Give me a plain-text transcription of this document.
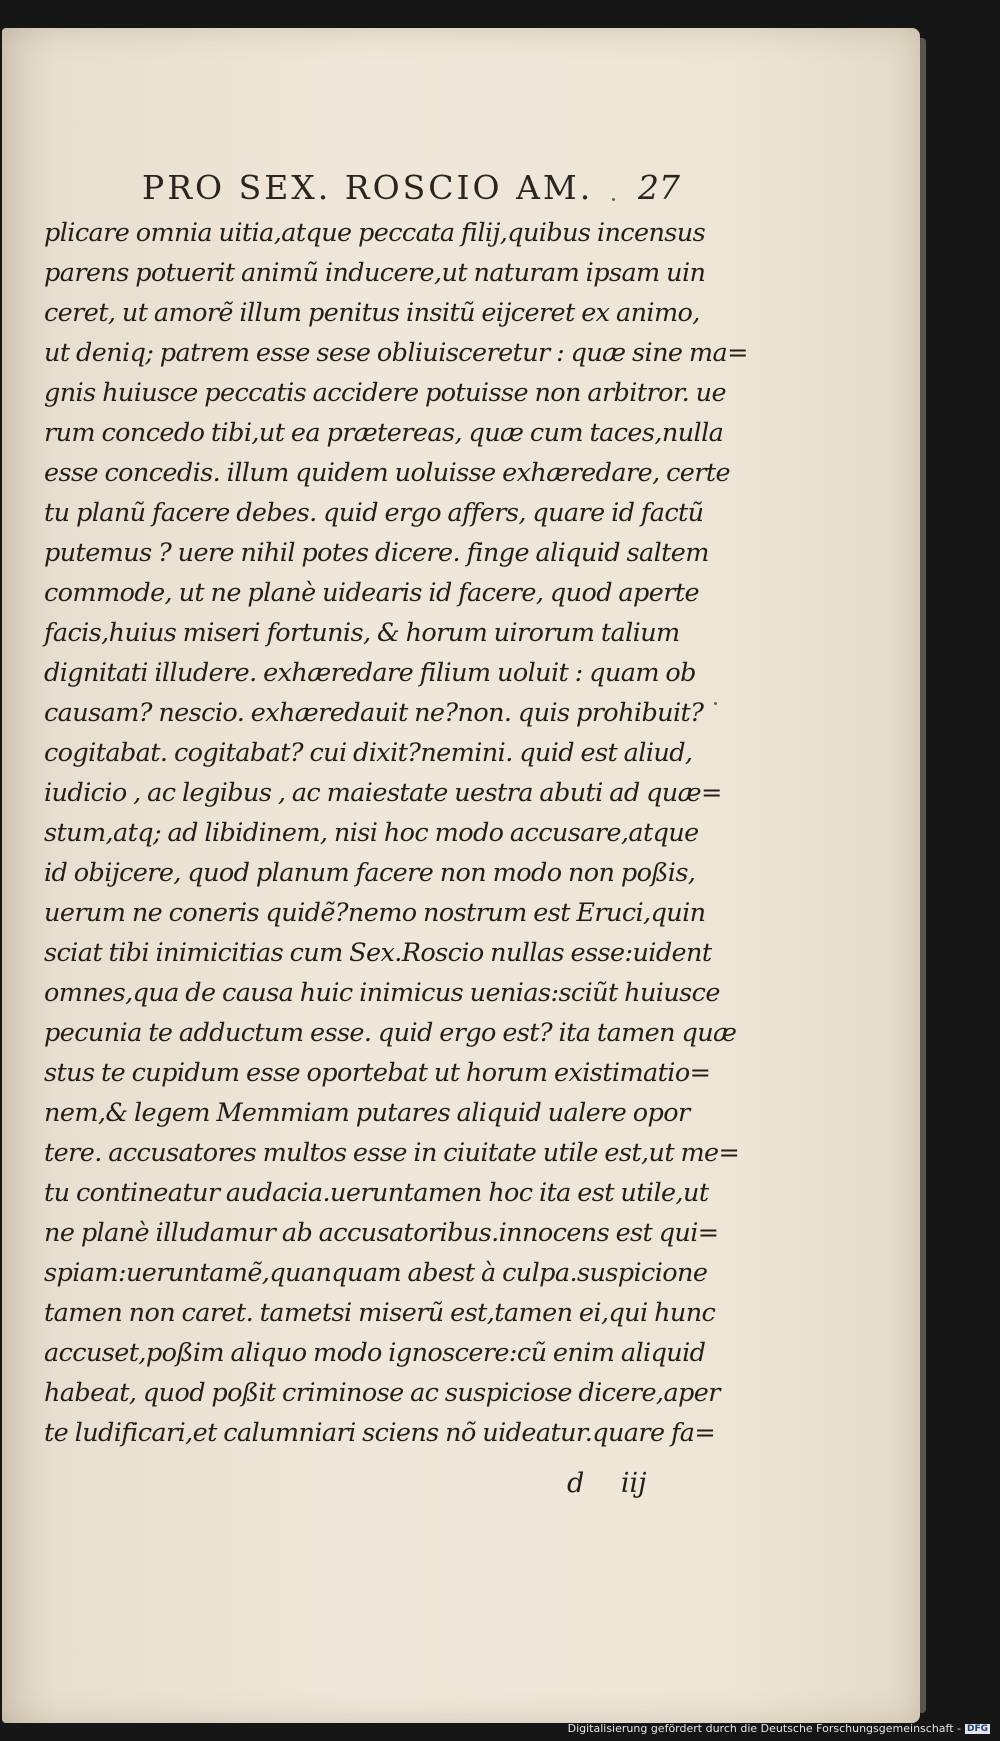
PRO SEX. ROSCIO AM. 27
plicare omnia uitia,atque peccata filij,quibus incensus
parens potuerit animũ inducere,ut naturam ipsam uin
ceret, ut amorẽ illum penitus insitũ eijceret ex animo,
ut deniq; patrem esse sese obliuisceretur : quæ sine ma=
gnis huiusce peccatis accidere potuisse non arbitror. ue
rum concedo tibi,ut ea prætereas, quæ cum taces,nulla
esse concedis. illum quidem uoluisse exhæredare, certe
tu planũ facere debes. quid ergo affers, quare id factũ
putemus ? uere nihil potes dicere. finge aliquid saltem
commode, ut ne planè uidearis id facere, quod aperte
facis,huius miseri fortunis, & horum uirorum talium
dignitati illudere. exhæredare filium uoluit : quam ob
causam? nescio. exhæredauit ne?non. quis prohibuit?
cogitabat. cogitabat? cui dixit?nemini. quid est aliud,
iudicio , ac legibus , ac maiestate uestra abuti ad quæ=
stum,atq; ad libidinem, nisi hoc modo accusare,atque
id obijcere, quod planum facere non modo non poßis,
uerum ne coneris quidẽ?nemo nostrum est Eruci,quin
sciat tibi inimicitias cum Sex.Roscio nullas esse:uident
omnes,qua de causa huic inimicus uenias:sciũt huiusce
pecunia te adductum esse. quid ergo est? ita tamen quæ
stus te cupidum esse oportebat ut horum existimatio=
nem,& legem Memmiam putares aliquid ualere opor
tere. accusatores multos esse in ciuitate utile est,ut me=
tu contineatur audacia.ueruntamen hoc ita est utile,ut
ne planè illudamur ab accusatoribus.innocens est qui=
spiam:ueruntamẽ,quanquam abest à culpa.suspicione
tamen non caret. tametsi miserũ est,tamen ei,qui hunc
accuset,poßim aliquo modo ignoscere:cũ enim aliquid
habeat, quod poßit criminose ac suspiciose dicere,aper
te ludificari,et calumniari sciens nõ uideatur.quare fa=
d iij
Digitalisierung gefördert durch die Deutsche Forschungsgemeinschaft - DFG
